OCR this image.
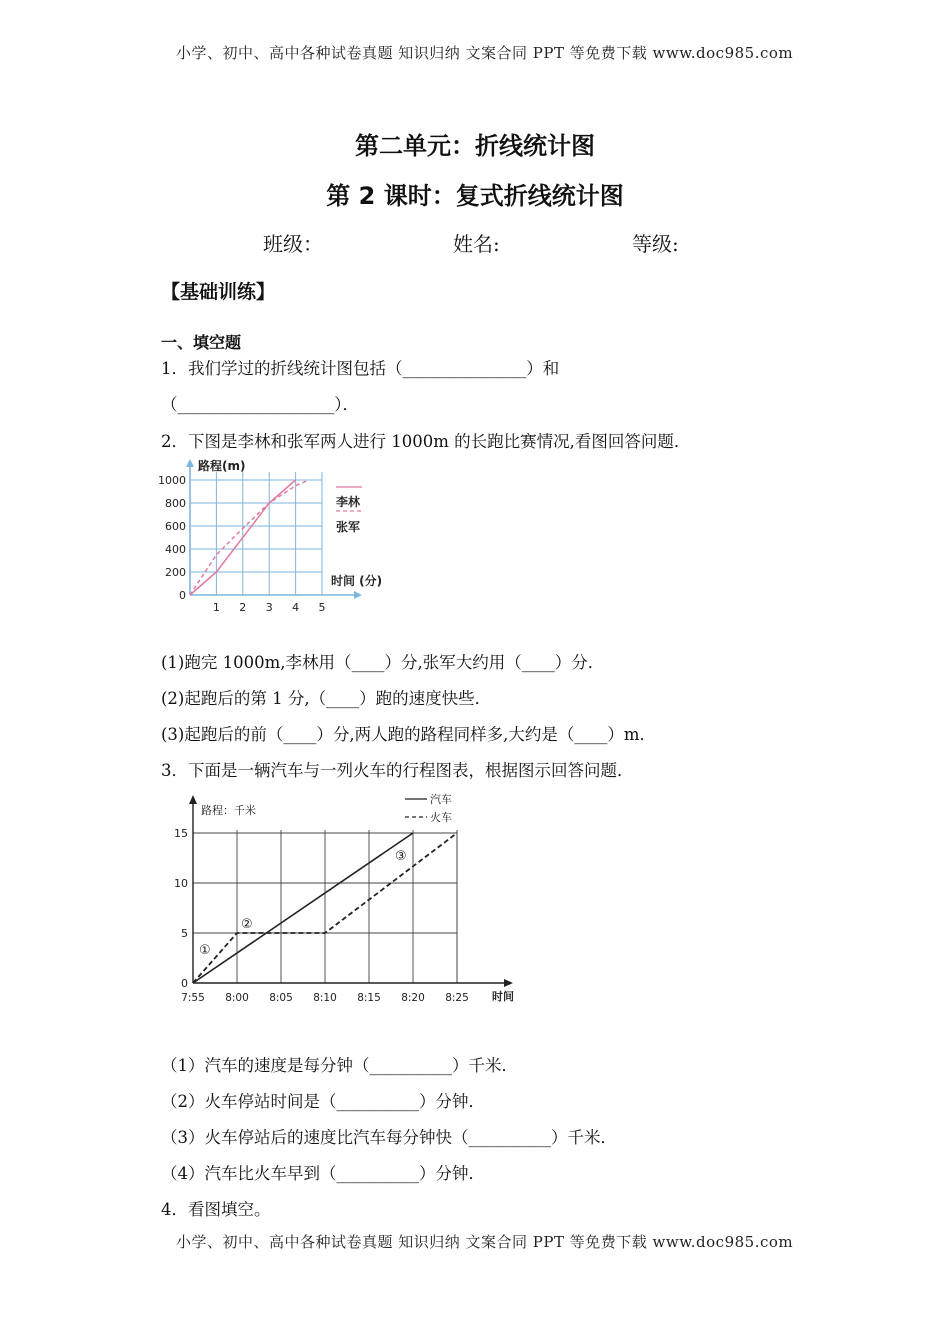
小学、初中、高中各种试卷真题 知识归纳 文案合同 PPT 等免费下载 www.doc985.com
小学、初中、高中各种试卷真题 知识归纳 文案合同 PPT 等免费下载 www.doc985.com
第二单元：折线统计图
第 2 课时：复式折线统计图
班级：	姓名:	等级:
【基础训练】
一、填空题
1．我们学过的折线统计图包括（_______________）和
（___________________）．
2．下图是李林和张军两人进行 1000m 的长跑比赛情况,看图回答问题．
路程(m)
时间 (分)
李林
张军
0
200
400
600
800
1000
1 2 3 4 5
(1)跑完 1000m,李林用（____）分,张军大约用（____）分．
(2)起跑后的第 1 分,（____）跑的速度快些．
(3)起跑后的前（____）分,两人跑的路程同样多,大约是（____）m．
3．下面是一辆汽车与一列火车的行程图表，根据图示回答问题．
0
5
10
15
7:55 8:00 8:05 8:10 8:15 8:20 8:25
路程：千米
时间
汽车
火车
①
②
③
（1）汽车的速度是每分钟（__________）千米．
（2）火车停站时间是（__________）分钟．
（3）火车停站后的速度比汽车每分钟快（__________）千米．
（4）汽车比火车早到（__________）分钟．
4．看图填空。
